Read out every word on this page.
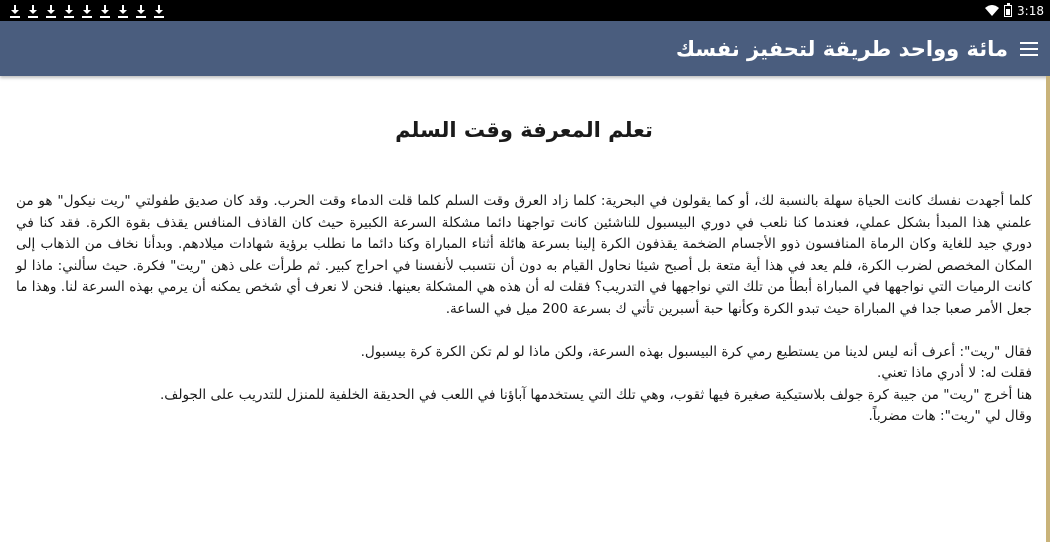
3:18
مائة وواحد طريقة لتحفيز نفسك
تعلم المعرفة وقت السلم

كلما أجهدت نفسك كانت الحياة سهلة بالنسبة لك، أو كما يقولون في البحرية: كلما زاد العرق وقت السلم كلما قلت الدماء وقت الحرب. وقد كان صديق طفولتي "ريت نيكول" هو من علمني هذا المبدأ بشكل عملي، فعندما كنا نلعب في دوري البيسبول للناشئين كانت تواجهنا دائما مشكلة السرعة الكبيرة حيث كان القاذف المنافس يقذف بقوة الكرة. فقد كنا في دوري جيد للغاية وكان الرماة المنافسون ذوو الأجسام الضخمة يقذفون الكرة إلينا بسرعة هائلة أثناء المباراة وكنا دائما ما نطلب برؤية شهادات ميلادهم. وبدأنا نخاف من الذهاب إلى المكان المخصص لضرب الكرة، فلم يعد في هذا أية متعة بل أصبح شيئا نحاول القيام به دون أن نتسبب لأنفسنا في احراج كبير. ثم طرأت على ذهن "ريت" فكرة. حيث سألني: ماذا لو كانت الرميات التي نواجهها في المباراة أبطأ من تلك التي نواجهها في التدريب؟ فقلت له أن هذه هي المشكلة بعينها. فنحن لا نعرف أي شخص يمكنه أن يرمي بهذه السرعة لنا. وهذا ما جعل الأمر صعبا جدا في المباراة حيث تبدو الكرة وكأنها حبة أسبرين تأتي ك بسرعة 200 ميل في الساعة.

فقال "ريت": أعرف أنه ليس لدينا من يستطيع رمي كرة البيسبول بهذه السرعة، ولكن ماذا لو لم تكن الكرة كرة بيسبول.
فقلت له: لا أدري ماذا تعني.
هنا أخرج "ريت" من جيبة كرة جولف بلاستيكية صغيرة فيها ثقوب، وهي تلك التي يستخدمها آباؤنا في اللعب في الحديقة الخلفية للمنزل للتدريب على الجولف.
وقال لي "ريت": هات مضرباً.
